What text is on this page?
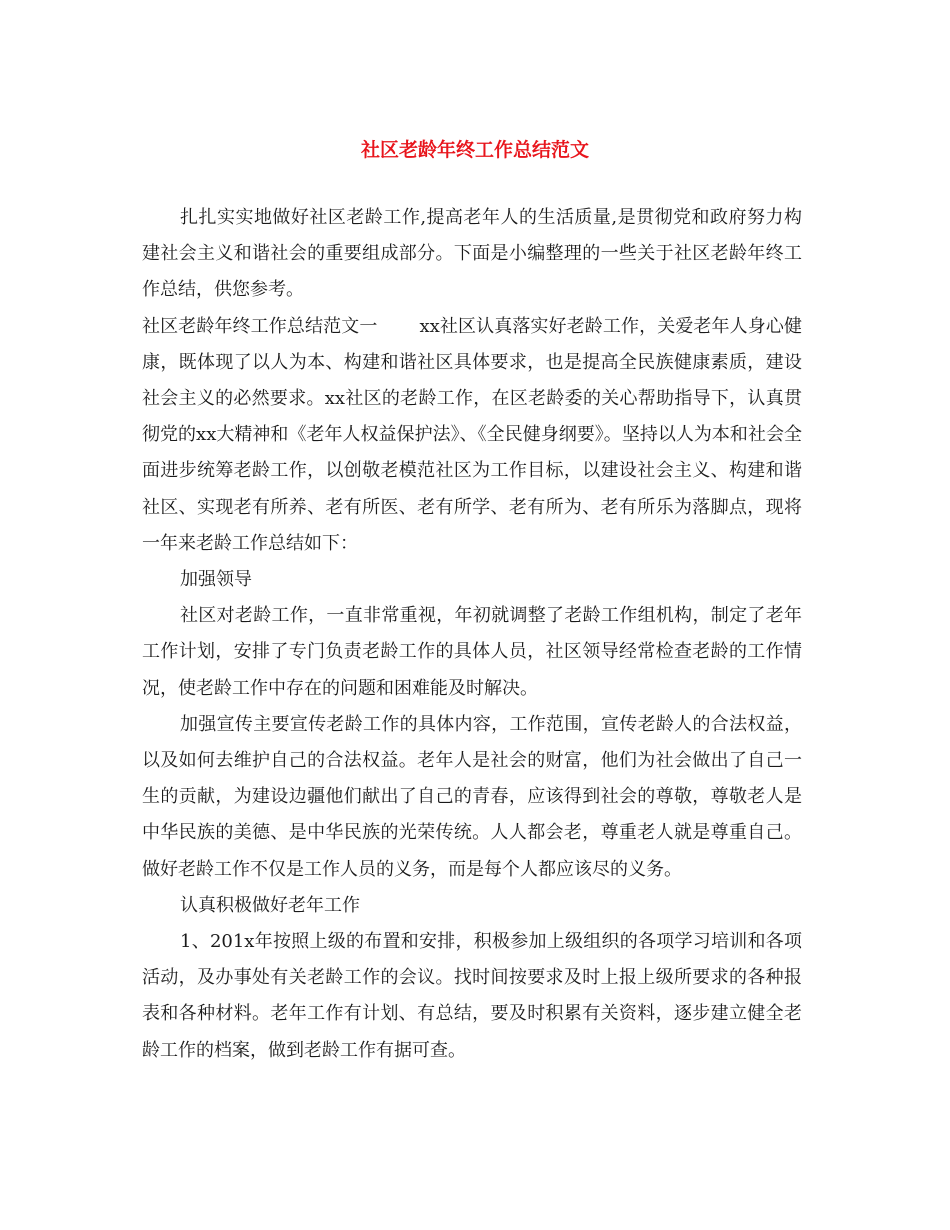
社区老龄年终工作总结范文

扎扎实实地做好社区老龄工作,提高老年人的生活质量,是贯彻党和政府努力构建社会主义和谐社会的重要组成部分。下面是小编整理的一些关于社区老龄年终工作总结，供您参考。

社区老龄年终工作总结范文一 xx社区认真落实好老龄工作，关爱老年人身心健康，既体现了以人为本、构建和谐社区具体要求，也是提高全民族健康素质，建设社会主义的必然要求。xx社区的老龄工作，在区老龄委的关心帮助指导下，认真贯彻党的xx大精神和《老年人权益保护法》、《全民健身纲要》。坚持以人为本和社会全面进步统筹老龄工作，以创敬老模范社区为工作目标，以建设社会主义、构建和谐社区、实现老有所养、老有所医、老有所学、老有所为、老有所乐为落脚点，现将一年来老龄工作总结如下：

加强领导

社区对老龄工作，一直非常重视，年初就调整了老龄工作组机构，制定了老年工作计划，安排了专门负责老龄工作的具体人员，社区领导经常检查老龄的工作情况，使老龄工作中存在的问题和困难能及时解决。

加强宣传主要宣传老龄工作的具体内容，工作范围，宣传老龄人的合法权益，以及如何去维护自己的合法权益。老年人是社会的财富，他们为社会做出了自己一生的贡献，为建设边疆他们献出了自己的青春，应该得到社会的尊敬，尊敬老人是中华民族的美德、是中华民族的光荣传统。人人都会老，尊重老人就是尊重自己。做好老龄工作不仅是工作人员的义务，而是每个人都应该尽的义务。

认真积极做好老年工作

1、201x年按照上级的布置和安排，积极参加上级组织的各项学习培训和各项活动，及办事处有关老龄工作的会议。找时间按要求及时上报上级所要求的各种报表和各种材料。老年工作有计划、有总结，要及时积累有关资料，逐步建立健全老龄工作的档案，做到老龄工作有据可查。
